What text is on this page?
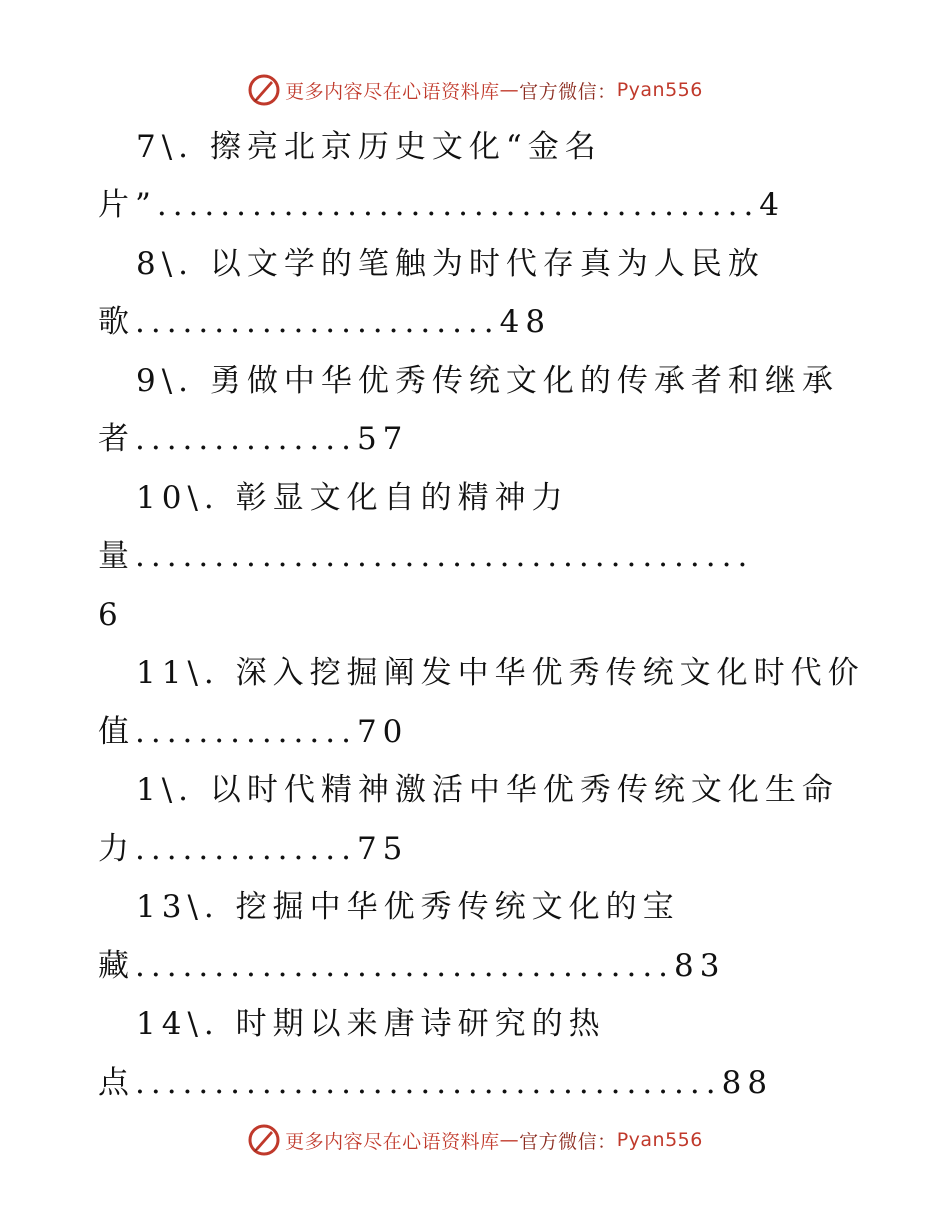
更多内容尽在心语资料库 — 官方微信： Pyan556
7\. 擦亮北京历史文化“金名
片”......................................4
8\. 以文学的笔触为时代存真为人民放
歌.......................48
9\. 勇做中华优秀传统文化的传承者和继承
者..............57
10\. 彰显文化自的精神力
量.......................................
6
11\. 深入挖掘阐发中华优秀传统文化时代价
值..............70
1\. 以时代精神激活中华优秀传统文化生命
力..............75
13\. 挖掘中华优秀传统文化的宝
藏..................................83
14\. 时期以来唐诗研究的热
点.....................................88
更多内容尽在心语资料库 — 官方微信： Pyan556
